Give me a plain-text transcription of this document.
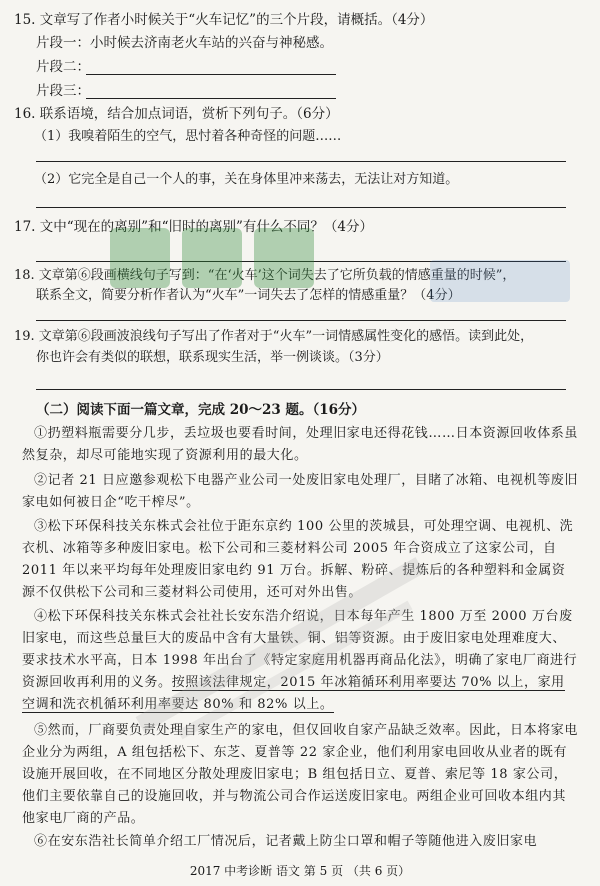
15. 文章写了作者小时候关于“火车记忆”的三个片段，请概括。（4分）
片段一：小时候去济南老火车站的兴奋与神秘感。
片段二：
片段三：
16. 联系语境，结合加点词语，赏析下列句子。（6分）
（1）我嗅着陌生的空气，思忖着各种奇怪的问题……
（2）它完全是自己一个人的事，关在身体里冲来荡去，无法让对方知道。
17. 文中“现在的离别”和“旧时的离别”有什么不同？（4分）
18. 文章第⑥段画横线句子写到：“在‘火车’这个词失去了它所负载的情感重量的时候”，
联系全文，简要分析作者认为“火车”一词失去了怎样的情感重量？（4分）
19. 文章第⑥段画波浪线句子写出了作者对于“火车”一词情感属性变化的感悟。读到此处，
你也许会有类似的联想，联系现实生活，举一例谈谈。（3分）
（二）阅读下面一篇文章，完成 20～23 题。（16分）
①扔塑料瓶需要分几步，丢垃圾也要看时间，处理旧家电还得花钱……日本资源回收体系虽然复杂，却尽可能地实现了资源利用的最大化。
②记者 21 日应邀参观松下电器产业公司一处废旧家电处理厂，目睹了冰箱、电视机等废旧家电如何被日企“吃干榨尽”。
③松下环保科技关东株式会社位于距东京约 100 公里的茨城县，可处理空调、电视机、洗衣机、冰箱等多种废旧家电。松下公司和三菱材料公司 2005 年合资成立了这家公司，自 2011 年以来平均每年处理废旧家电约 91 万台。拆解、粉碎、提炼后的各种塑料和金属资源不仅供松下公司和三菱材料公司使用，还可对外出售。
④松下环保科技关东株式会社社长安东浩介绍说，日本每年产生 1800 万至 2000 万台废旧家电，而这些总量巨大的废品中含有大量铁、铜、铝等资源。由于废旧家电处理难度大、要求技术水平高，日本 1998 年出台了《特定家庭用机器再商品化法》，明确了家电厂商进行资源回收再利用的义务。按照该法律规定，2015 年冰箱循环利用率要达 70% 以上，家用空调和洗衣机循环利用率要达 80% 和 82% 以上。
⑤然而，厂商要负责处理自家生产的家电，但仅回收自家产品缺乏效率。因此，日本将家电企业分为两组，A 组包括松下、东芝、夏普等 22 家企业，他们利用家电回收从业者的既有设施开展回收，在不同地区分散处理废旧家电；B 组包括日立、夏普、索尼等 18 家公司，他们主要依靠自己的设施回收，并与物流公司合作运送废旧家电。两组企业可回收本组内其他家电厂商的产品。
⑥在安东浩社长简单介绍工厂情况后，记者戴上防尘口罩和帽子等随他进入废旧家电
2017 中考诊断 语文 第 5 页 （共 6 页）
